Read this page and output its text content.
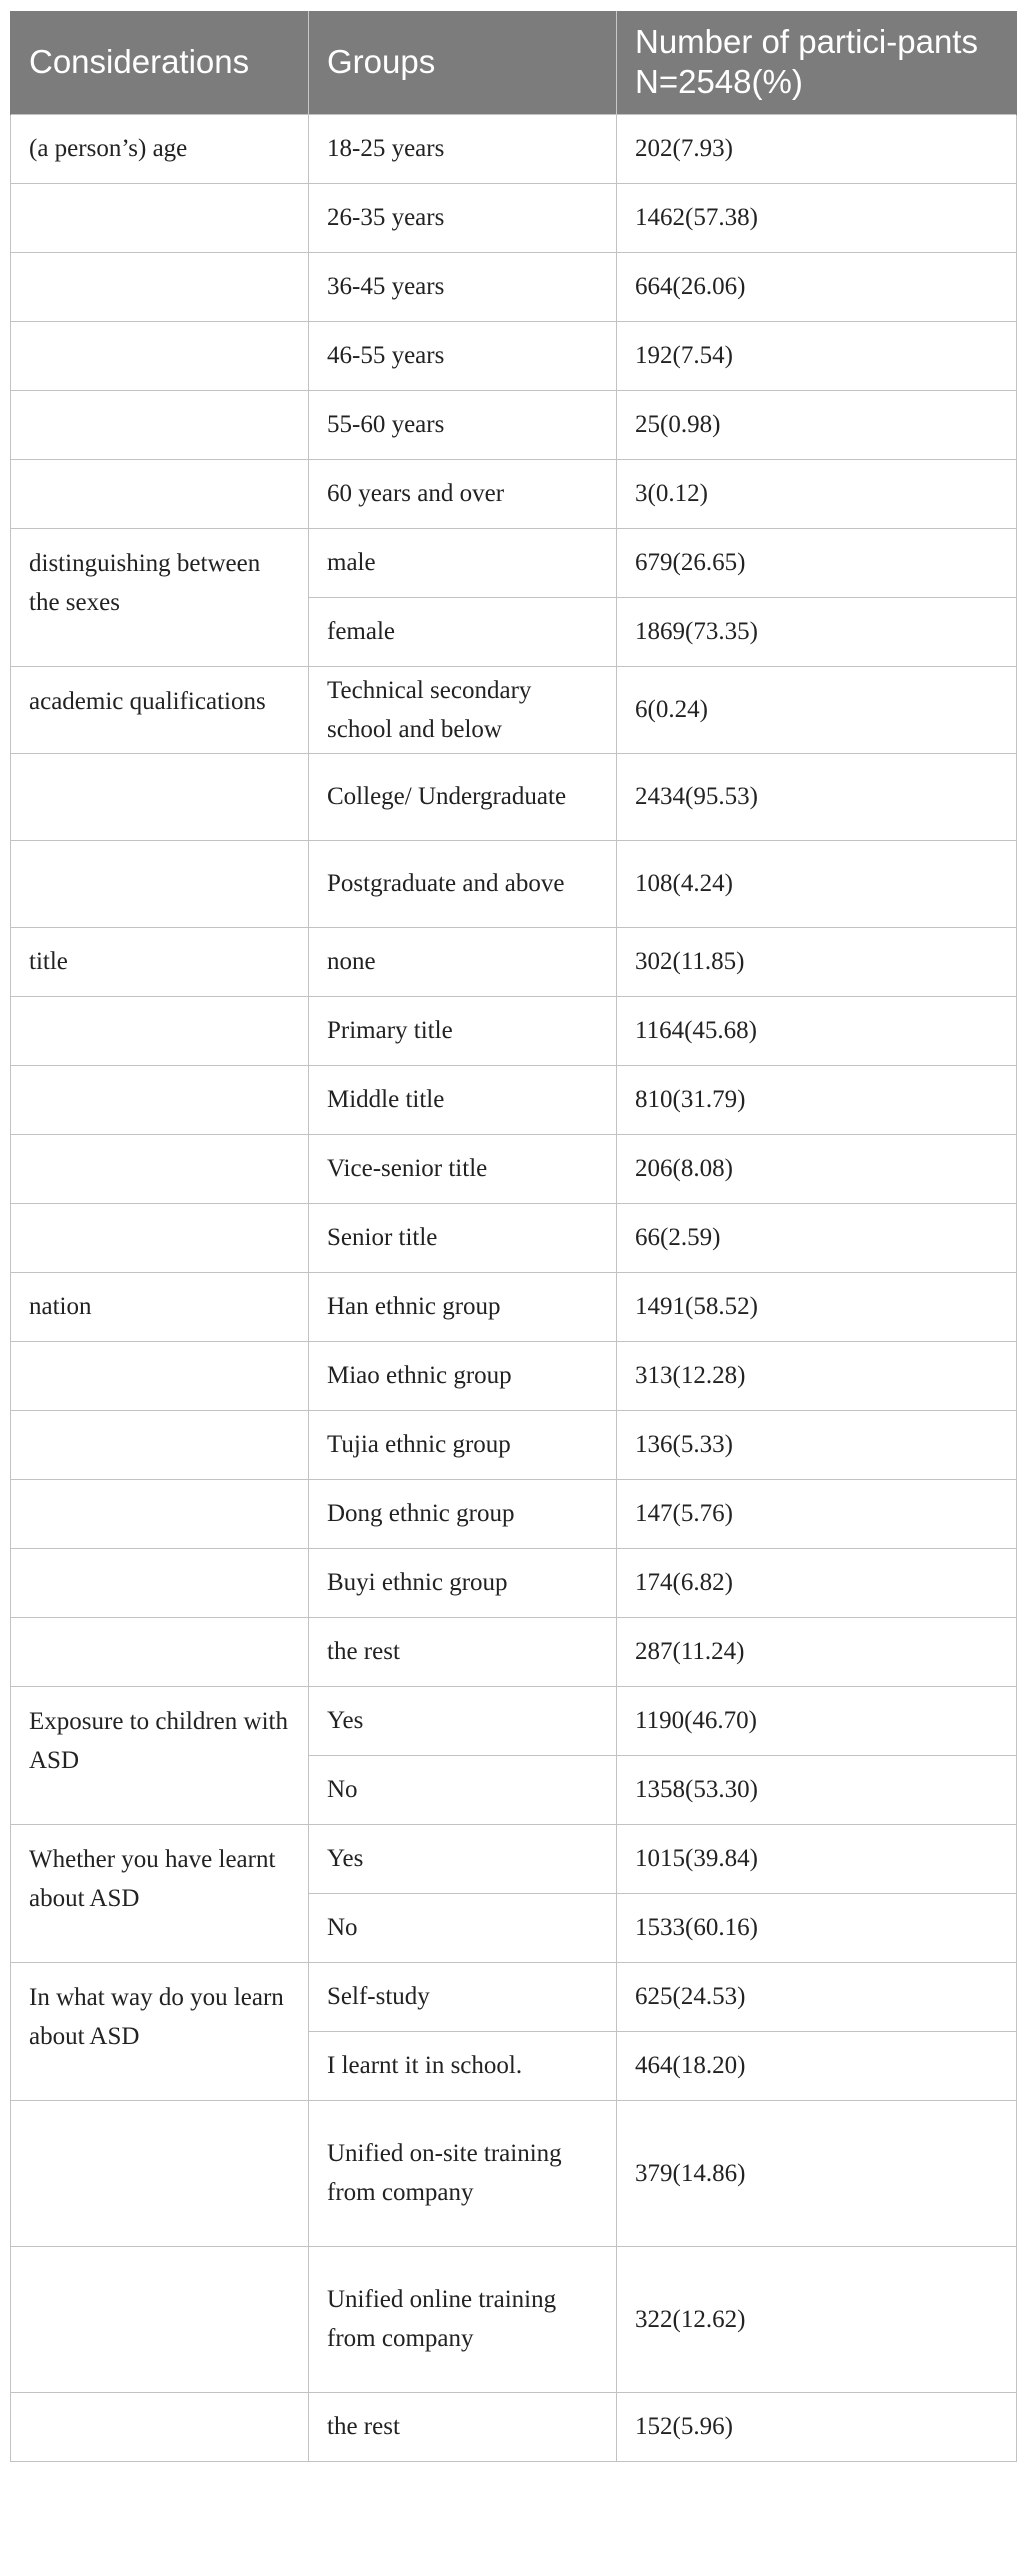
Considerations	Groups	Number of partici-pants N=2548(%)
(a person’s) age	18-25 years	202(7.93)
	26-35 years	1462(57.38)
	36-45 years	664(26.06)
	46-55 years	192(7.54)
	55-60 years	25(0.98)
	60 years and over	3(0.12)
distinguishing between the sexes	male	679(26.65)
	female	1869(73.35)
academic qualifications	Technical secondary school and below	6(0.24)
	College/ Undergraduate	2434(95.53)
	Postgraduate and above	108(4.24)
title	none	302(11.85)
	Primary title	1164(45.68)
	Middle title	810(31.79)
	Vice-senior title	206(8.08)
	Senior title	66(2.59)
nation	Han ethnic group	1491(58.52)
	Miao ethnic group	313(12.28)
	Tujia ethnic group	136(5.33)
	Dong ethnic group	147(5.76)
	Buyi ethnic group	174(6.82)
	the rest	287(11.24)
Exposure to children with ASD	Yes	1190(46.70)
	No	1358(53.30)
Whether you have learnt about ASD	Yes	1015(39.84)
	No	1533(60.16)
In what way do you learn about ASD	Self-study	625(24.53)
	I learnt it in school.	464(18.20)
	Unified on-site training from company	379(14.86)
	Unified online training from company	322(12.62)
	the rest	152(5.96)
